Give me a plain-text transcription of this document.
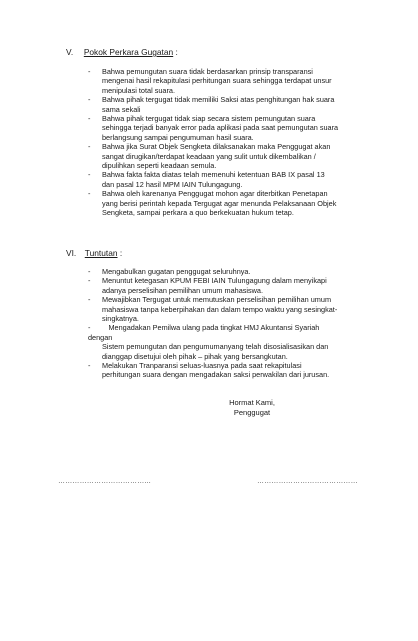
V. Pokok Perkara Gugatan :
- Bahwa pemungutan suara tidak berdasarkan prinsip transparansi
mengenai hasil rekapitulasi perhitungan suara sehingga terdapat unsur
menipulasi total suara.
- Bahwa pihak tergugat tidak memiliki Saksi atas penghitungan hak suara
sama sekali
- Bahwa pihak tergugat tidak siap secara sistem pemungutan suara
sehingga terjadi banyak error pada aplikasi pada saat pemungutan suara
berlangsung sampai pengumuman hasil suara.
- Bahwa jika Surat Objek Sengketa dilaksanakan maka Penggugat akan
sangat dirugikan/terdapat keadaan yang sulit untuk dikembalikan /
dipulihkan seperti keadaan semula.
- Bahwa fakta fakta diatas telah memenuhi ketentuan BAB IX pasal 13
dan pasal 12 hasil MPM IAIN Tulungagung.
- Bahwa oleh karenanya Penggugat mohon agar diterbitkan Penetapan
yang berisi perintah kepada Tergugat agar menunda Pelaksanaan Objek
Sengketa, sampai perkara a quo berkekuatan hukum tetap.
VI. Tuntutan :
- Mengabulkan gugatan penggugat seluruhnya.
- Menuntut ketegasan KPUM FEBI IAIN Tulungagung dalam menyikapi
adanya perselisihan pemilihan umum mahasiswa.
- Mewajibkan Tergugat untuk memutuskan perselisihan pemilihan umum
mahasiswa tanpa keberpihakan dan dalam tempo waktu yang sesingkat-
singkatnya.
- Mengadakan Pemilwa ulang pada tingkat HMJ Akuntansi Syariah
dengan
Sistem pemungutan dan pengumumanyang telah disosialisasikan dan
dianggap disetujui oleh pihak – pihak yang bersangkutan.
- Melakukan Tranparansi seluas-luasnya pada saat rekapitulasi
perhitungan suara dengan mengadakan saksi perwakilan dari jurusan.
Hormat Kami,
Penggugat
………………………………...	……………………………………
